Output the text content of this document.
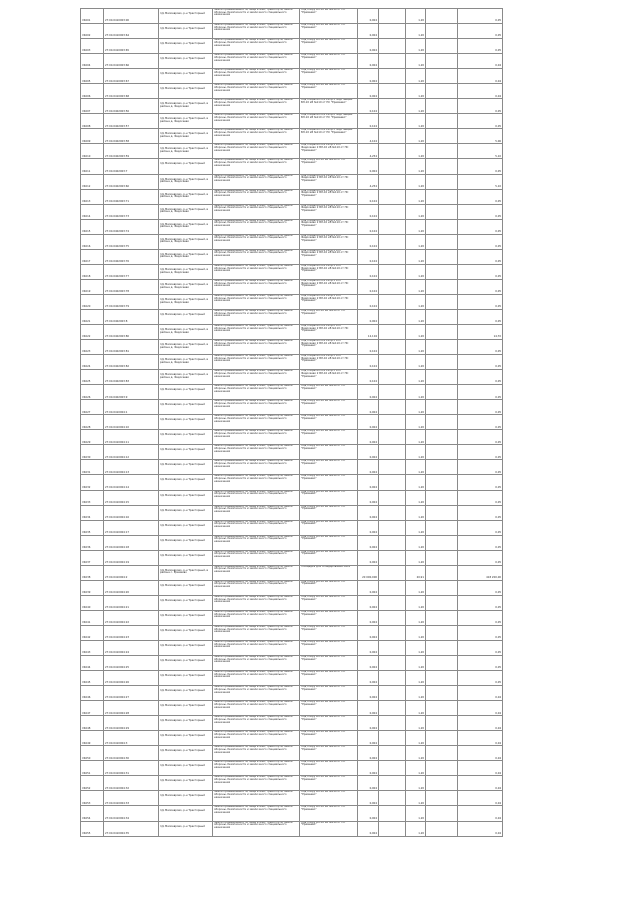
V4601	27:04:0410003:00	п/р Малоеврово, р-н Тракторный	Земли промышленности, энергетики, транспорта, земли обороны, безопасности и земли иного специального назначения	Под опору ВЛ-10 кВ №110 от ПС "Еремеево"	0,004		1,20		0,05
V4602	27:04:0410003:64	п/р Малоеврово, р-н Тракторный	Земли промышленности, энергетики, транспорта, земли обороны, безопасности и земли иного специального назначения	Под опору ВЛ-10 кВ №110 от ПС "Еремеево"	0,004		1,20		0,05
V4603	27:04:0410003:65	п/р Малоеврово, р-н Тракторный	Земли промышленности, энергетики, транспорта, земли обороны, безопасности и земли иного специального назначения	Под опору ВЛ-10 кВ №110 от ПС "Еремеево"	0,004		1,20		0,05
V4604	27:04:0410003:66	п/р Малоеврово, р-н Тракторный	Земли промышленности, энергетики, транспорта, земли обороны, безопасности и земли иного специального назначения	Под опору ВЛ-10 кВ №110 от ПС "Еремеево"	0,004		1,20		0,04
V4605	27:04:0410003:67	п/р Малоеврово, р-н Тракторный	Земли промышленности, энергетики, транспорта, земли обороны, безопасности и земли иного специального назначения	Под опору ВЛ-10 кВ №110 от ПС "Еремеево"	0,004		1,20		0,04
V4606	27:04:0410003:68	п/р Малоеврово, р-н Тракторный	Земли промышленности, энергетики, транспорта, земли обороны, безопасности и земли иного специального назначения	Под опору ВЛ-10 кВ №110 от ПС "Еремеево"	0,004		1,20		0,04
V4607	27:04:0402003:56	п/р Малоеврово, р-н Тракторный, в районе д. Федосеево	Земли промышленности, энергетики, транспорта, земли обороны, безопасности и земли иного специального назначения	Под опоры ВЛ-0,4 кВ ф.1 подстанции ВЛ-10 кВ №110 от ПС "Еремеево"	0,104		1,20		0,05
V4608	27:04:0402003:57	п/р Малоеврово, р-н Тракторный, в районе д. Федосеево	Земли промышленности, энергетики, транспорта, земли обороны, безопасности и земли иного специального назначения	Под опоры ВЛ-0,4 кВ ф.2 подстанции ВЛ-10 кВ №110 от ПС "Еремеево"	0,104		1,20		0,05
V4609	27:04:0402003:58	п/р Малоеврово, р-н Тракторный, в районе д. Федосеево	Земли промышленности, энергетики, транспорта, земли обороны, безопасности и земли иного специального назначения	Под опоры ВЛ-0,4 кВ ф.3 подстанции ВЛ-10 кВ №110 от ПС "Еремеево"	4,104		1,20		5,06
V4610	27:04:0402003:59	п/р Малоеврово, р-н Тракторный, в районе д. Федосеево	Земли промышленности, энергетики, транспорта, земли обороны, безопасности и земли иного специального назначения	Под опоры ВЛ-0,4 кВ ф.1 КТП Федосеево 2 ВЛ-10 кВ №110 от ПС "Еремеево"	4,254		1,20		5,10
V4611	27:04:0402003:7	п/р Малоеврово, р-н Тракторный	Земли промышленности, энергетики, транспорта, земли обороны, безопасности и земли иного специального назначения	Под опору ВЛ-10 кВ №110 от ПС "Еремеево"	0,004		1,20		0,05
V4612	27:04:0402003:60	п/р Малоеврово, р-н Тракторный, в районе д. Федосеево	Земли промышленности, энергетики, транспорта, земли обороны, безопасности и земли иного специального назначения	Под опоры ВЛ-0,4 кВ ф.2 КТП Федосеево 2 ВЛ-10 кВ №110 от ПС "Еремеево"	4,254		1,20		5,10
V4613	27:04:0402003:71	п/р Малоеврово, р-н Тракторный, в районе д. Федосеево	Земли промышленности, энергетики, транспорта, земли обороны, безопасности и земли иного специального назначения	Под опоры ВЛ-0,4 кВ ф.1 КТП Федосеево 2 ВЛ-10 кВ №110 от ПС "Еремеево"	0,104		1,20		0,05
V4614	27:04:0402003:73	п/р Малоеврово, р-н Тракторный, в районе д. Федосеево	Земли промышленности, энергетики, транспорта, земли обороны, безопасности и земли иного специального назначения	Под опоры ВЛ-0,4 кВ ф.1 КТП Федосеево 2 ВЛ-10 кВ №110 от ПС "Еремеево"	0,104		1,20		0,05
V4615	27:04:0402003:74	п/р Малоеврово, р-н Тракторный, в районе д. Федосеево	Земли промышленности, энергетики, транспорта, земли обороны, безопасности и земли иного специального назначения	Под опоры ВЛ-0,4 кВ ф.1 КТП Федосеево 2 ВЛ-10 кВ №110 от ПС "Еремеево"	0,104		1,20		0,05
V4616	27:04:0402003:75	п/р Малоеврово, р-н Тракторный, в районе д. Федосеево	Земли промышленности, энергетики, транспорта, земли обороны, безопасности и земли иного специального назначения	Под опоры ВЛ-0,4 кВ ф.1 КТП Федосеево 2 ВЛ-10 кВ №110 от ПС "Еремеево"	0,104		1,20		0,05
V4617	27:04:0402003:76	п/р Малоеврово, р-н Тракторный, в районе д. Федосеево	Земли промышленности, энергетики, транспорта, земли обороны, безопасности и земли иного специального назначения	Под опоры ВЛ-0,4 кВ ф.1 КТП Федосеево 2 ВЛ-10 кВ №110 от ПС "Еремеево"	0,104		1,20		0,05
V4618	27:04:0402003:77	п/р Малоеврово, р-н Тракторный, в районе д. Федосеево	Земли промышленности, энергетики, транспорта, земли обороны, безопасности и земли иного специального назначения	Под опоры ВЛ-0,4 кВ ф.1 КТП Федосеево 2 ВЛ-10 кВ №110 от ПС "Еремеево"	0,104		1,20		0,05
V4619	27:04:0402003:78	п/р Малоеврово, р-н Тракторный, в районе д. Федосеево	Земли промышленности, энергетики, транспорта, земли обороны, безопасности и земли иного специального назначения	Под опоры ВЛ-0,4 кВ ф.1 КТП Федосеево 2 ВЛ-10 кВ №110 от ПС "Еремеево"	0,104		1,20		0,05
V4620	27:04:0402003:79	п/р Малоеврово, р-н Тракторный, в районе д. Федосеево	Земли промышленности, энергетики, транспорта, земли обороны, безопасности и земли иного специального назначения	Под опоры ВЛ-0,4 кВ ф.1 КТП Федосеево 2 ВЛ-10 кВ №110 от ПС "Еремеево"	0,104		1,20		0,05
V4621	27:04:0402003:8	п/р Малоеврово, р-н Тракторный	Земли промышленности, энергетики, транспорта, земли обороны, безопасности и земли иного специального назначения	Под опору ВЛ-10 кВ №110 от ПС "Еремеево"	0,004		1,20		0,05
V4622	27:04:0402003:80	п/р Малоеврово, р-н Тракторный, в районе д. Федосеево	Земли промышленности, энергетики, транспорта, земли обороны, безопасности и земли иного специального назначения	Под опоры ВЛ-0,4 кВ ф.2 КТП Федосеево 2 ВЛ-10 кВ №110 от ПС "Еремеево"	12,104		1,20		14,70
V4623	27:04:0402003:81	п/р Малоеврово, р-н Тракторный, в районе д. Федосеево	Земли промышленности, энергетики, транспорта, земли обороны, безопасности и земли иного специального назначения	Под опоры ВЛ-0,4 кВ ф.3 КТП Федосеево 2 ВЛ-10 кВ №110 от ПС "Еремеево"	0,104		1,20		0,05
V4624	27:04:0402003:82	п/р Малоеврово, р-н Тракторный, в районе д. Федосеево	Земли промышленности, энергетики, транспорта, земли обороны, безопасности и земли иного специального назначения	Под опоры ВЛ-0,4 кВ ф.3 КТП Федосеево 2 ВЛ-10 кВ №110 от ПС "Еремеево"	0,104		1,20		0,05
V4625	27:04:0402003:83	п/р Малоеврово, р-н Тракторный, в районе д. Федосеево	Земли промышленности, энергетики, транспорта, земли обороны, безопасности и земли иного специального назначения	Под опоры ВЛ-0,4 кВ ф.3 КТП Федосеево 2 ВЛ-10 кВ №110 от ПС "Еремеево"	0,104		1,20		0,05
V4626	27:04:0402003:9	п/р Малоеврово, р-н Тракторный	Земли промышленности, энергетики, транспорта, земли обороны, безопасности и земли иного специального назначения	Под опору ВЛ-10 кВ №110 от ПС "Еремеево"	0,004		1,20		0,05
V4627	27:04:0410004:1	п/р Малоеврово, р-н Тракторный	Земли промышленности, энергетики, транспорта, земли обороны, безопасности и земли иного специального назначения	Под опору ВЛ-10 кВ №110 от ПС "Еремеево"	0,004		1,20		0,05
V4628	27:04:0410004:10	п/р Малоеврово, р-н Тракторный	Земли промышленности, энергетики, транспорта, земли обороны, безопасности и земли иного специального назначения	Под опору ВЛ-10 кВ №110 от ПС "Еремеево"	0,004		1,20		0,05
V4629	27:04:0410004:11	п/р Малоеврово, р-н Тракторный	Земли промышленности, энергетики, транспорта, земли обороны, безопасности и земли иного специального назначения	Под опору ВЛ-10 кВ №110 от ПС "Еремеево"	0,004		1,20		0,05
V4630	27:04:0410004:12	п/р Малоеврово, р-н Тракторный	Земли промышленности, энергетики, транспорта, земли обороны, безопасности и земли иного специального назначения	Под опору ВЛ-10 кВ №110 от ПС "Еремеево"	0,004		1,20		0,05
V4631	27:04:0410004:13	п/р Малоеврово, р-н Тракторный	Земли промышленности, энергетики, транспорта, земли обороны, безопасности и земли иного специального назначения	Под опору ВЛ-10 кВ №110 от ПС "Еремеево"	0,004		1,20		0,05
V4632	27:04:0410004:14	п/р Малоеврово, р-н Тракторный	Земли промышленности, энергетики, транспорта, земли обороны, безопасности и земли иного специального назначения	Под опору ВЛ-10 кВ №110 от ПС "Еремеево"	0,004		1,20		0,05
V4633	27:04:0410004:15	п/р Малоеврово, р-н Тракторный	Земли промышленности, энергетики, транспорта, земли обороны, безопасности и земли иного специального назначения	Под опору ВЛ-10 кВ №110 от ПС "Еремеево"	0,004		1,20		0,05
V4634	27:04:0410004:16	п/р Малоеврово, р-н Тракторный	Земли промышленности, энергетики, транспорта, земли обороны, безопасности и земли иного специального назначения	Под опору ВЛ-10 кВ №110 от ПС "Еремеево"	0,004		1,20		0,05
V4635	27:04:0410004:17	п/р Малоеврово, р-н Тракторный	Земли промышленности, энергетики, транспорта, земли обороны, безопасности и земли иного специального назначения	Под опору ВЛ-10 кВ №110 от ПС "Еремеево"	0,004		1,20		0,05
V4636	27:04:0410004:18	п/р Малоеврово, р-н Тракторный	Земли промышленности, энергетики, транспорта, земли обороны, безопасности и земли иного специального назначения	Под опору ВЛ-10 кВ №110 от ПС "Еремеево"	0,004		1,20		0,05
V4637	27:04:0410004:19	п/р Малоеврово, р-н Тракторный	Земли промышленности, энергетики, транспорта, земли обороны, безопасности и земли иного специального назначения	Под опору ВЛ-10 кВ №110 от ПС "Еремеево"	0,004		1,20		0,05
V4638	27:04:0410004:2	п/р Малоеврово, р-н Тракторный, в районе с. Еремеево	Земли промышленности, энергетики, транспорта, земли обороны, безопасности и земли иного специального назначения	Площадка для складирования леса	20 000,000		20,91		418 200,00
V4639	27:04:0410004:20	п/р Малоеврово, р-н Тракторный	Земли промышленности, энергетики, транспорта, земли обороны, безопасности и земли иного специального назначения	Под опору ВЛ-10 кВ №110 от ПС "Еремеево"	0,004		1,20		0,05
V4640	27:04:0410004:21	п/р Малоеврово, р-н Тракторный	Земли промышленности, энергетики, транспорта, земли обороны, безопасности и земли иного специального назначения	Под опору ВЛ-10 кВ №110 от ПС "Еремеево"	0,004		1,20		0,05
V4641	27:04:0410004:22	п/р Малоеврово, р-н Тракторный	Земли промышленности, энергетики, транспорта, земли обороны, безопасности и земли иного специального назначения	Под опору ВЛ-10 кВ №110 от ПС "Еремеево"	0,004		1,20		0,05
V4642	27:04:0410004:23	п/р Малоеврово, р-н Тракторный	Земли промышленности, энергетики, транспорта, земли обороны, безопасности и земли иного специального назначения	Под опору ВЛ-10 кВ №110 от ПС "Еремеево"	0,004		1,20		0,05
V4643	27:04:0410004:24	п/р Малоеврово, р-н Тракторный	Земли промышленности, энергетики, транспорта, земли обороны, безопасности и земли иного специального назначения	Под опору ВЛ-10 кВ №110 от ПС "Еремеево"	0,004		1,20		0,05
V4644	27:04:0410004:25	п/р Малоеврово, р-н Тракторный	Земли промышленности, энергетики, транспорта, земли обороны, безопасности и земли иного специального назначения	Под опору ВЛ-10 кВ №110 от ПС "Еремеево"	0,004		1,20		0,05
V4645	27:04:0410004:26	п/р Малоеврово, р-н Тракторный	Земли промышленности, энергетики, транспорта, земли обороны, безопасности и земли иного специального назначения	Под опору ВЛ-10 кВ №110 от ПС "Еремеево"	0,004		1,20		0,05
V4646	27:04:0410004:27	п/р Малоеврово, р-н Тракторный	Земли промышленности, энергетики, транспорта, земли обороны, безопасности и земли иного специального назначения	Под опору ВЛ-10 кВ №110 от ПС "Еремеево"	0,004		1,20		0,04
V4647	27:04:0410004:28	п/р Малоеврово, р-н Тракторный	Земли промышленности, энергетики, транспорта, земли обороны, безопасности и земли иного специального назначения	Под опору ВЛ-10 кВ №110 от ПС "Еремеево"	0,004		1,20		0,04
V4648	27:04:0410004:29	п/р Малоеврово, р-н Тракторный	Земли промышленности, энергетики, транспорта, земли обороны, безопасности и земли иного специального назначения	Под опору ВЛ-10 кВ №110 от ПС "Еремеево"	0,004		1,20		0,04
V4649	27:04:0410004:3	п/р Малоеврово, р-н Тракторный	Земли промышленности, энергетики, транспорта, земли обороны, безопасности и земли иного специального назначения	Под опору ВЛ-10 кВ №110 от ПС "Еремеево"	0,004		1,20		0,04
V4650	27:04:0410004:30	п/р Малоеврово, р-н Тракторный	Земли промышленности, энергетики, транспорта, земли обороны, безопасности и земли иного специального назначения	Под опору ВЛ-10 кВ №110 от ПС "Еремеево"	0,004		1,20		0,04
V4651	27:04:0410004:31	п/р Малоеврово, р-н Тракторный	Земли промышленности, энергетики, транспорта, земли обороны, безопасности и земли иного специального назначения	Под опору ВЛ-10 кВ №110 от ПС "Еремеево"	0,004		1,20		0,04
V4652	27:04:0410004:32	п/р Малоеврово, р-н Тракторный	Земли промышленности, энергетики, транспорта, земли обороны, безопасности и земли иного специального назначения	Под опору ВЛ-10 кВ №110 от ПС "Еремеево"	0,004		1,20		0,04
V4653	27:04:0410004:33	п/р Малоеврово, р-н Тракторный	Земли промышленности, энергетики, транспорта, земли обороны, безопасности и земли иного специального назначения	Под опору ВЛ-10 кВ №110 от ПС "Еремеево"	0,004		1,20		0,04
V4654	27:04:0410004:34	п/р Малоеврово, р-н Тракторный	Земли промышленности, энергетики, транспорта, земли обороны, безопасности и земли иного специального назначения	Под опору ВЛ-10 кВ №110 от ПС "Еремеево"	0,004		1,20		0,04
V4655	27:04:0410004:35	п/р Малоеврово, р-н Тракторный	Земли промышленности, энергетики, транспорта, земли обороны, безопасности и земли иного специального назначения	Под опору ВЛ-10 кВ №110 от ПС "Еремеево"	0,004		1,20		0,04
